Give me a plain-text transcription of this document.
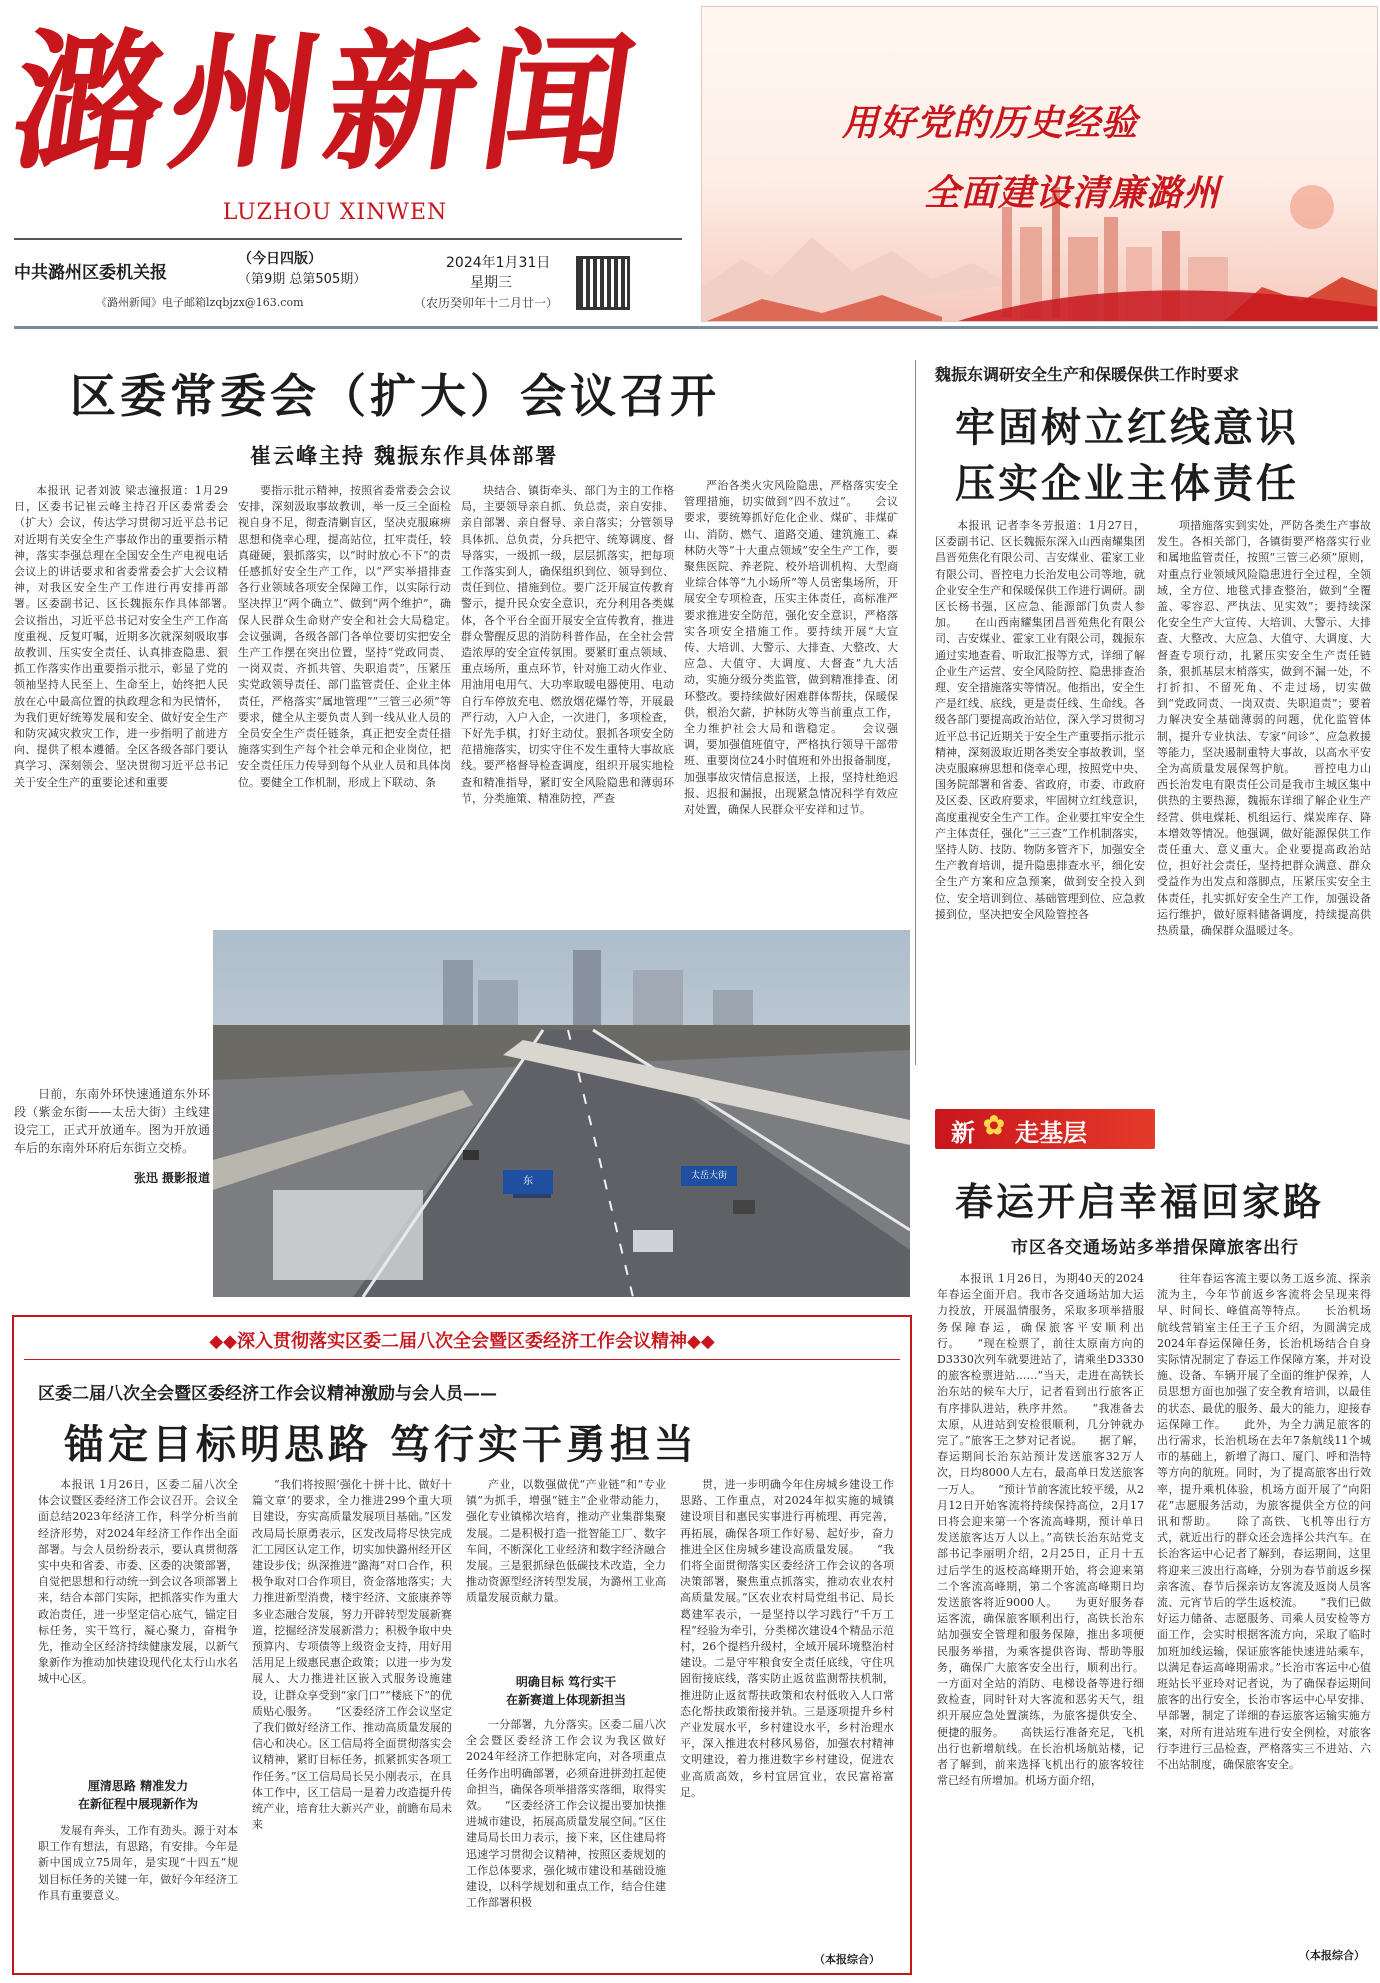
潞州新闻
LUZHOU XINWEN
中共潞州区委机关报
（今日四版）
（第9期 总第505期）
《潞州新闻》电子邮箱lzqbjzx@163.com
2024年1月31日
星期三
（农历癸卯年十二月廿一）
用好党的历史经验
全面建设清廉潞州
区委常委会（扩大）会议召开
崔云峰主持 魏振东作具体部署

本报讯 记者刘波 梁志潼报道：1月29日，区委书记崔云峰主持召开区委常委会（扩大）会议，传达学习贯彻习近平总书记对近期有关安全生产事故作出的重要指示精神，落实李强总理在全国安全生产电视电话会议上的讲话要求和省委常委会扩大会议精神，对我区安全生产工作进行再安排再部署。区委副书记、区长魏振东作具体部署。　　会议指出，习近平总书记对安全生产工作高度重视、反复叮嘱，近期多次就深刻吸取事故教训、压实安全责任、认真排查隐患、狠抓工作落实作出重要指示批示，彰显了党的领袖坚持人民至上、生命至上，始终把人民放在心中最高位置的执政理念和为民情怀，为我们更好统筹发展和安全、做好安全生产和防灾减灾救灾工作，进一步指明了前进方向、提供了根本遵循。全区各级各部门要认真学习、深刻领会、坚决贯彻习近平总书记关于安全生产的重要论述和重要

要指示批示精神，按照省委常委会会议安排，深刻汲取事故教训，举一反三全面检视自身不足，彻查清剿盲区，坚决克服麻痹思想和侥幸心理，提高站位，扛牢责任，较真碰硬，狠抓落实，以“时时放心不下”的责任感抓好安全生产工作，以“严实举措排查各行业领域各项安全保障工作，以实际行动坚决捍卫“两个确立”、做到“两个维护”，确保人民群众生命财产安全和社会大局稳定。　　会议强调，各级各部门各单位要切实把安全生产工作摆在突出位置，坚持“党政同责、一岗双责、齐抓共管、失职追责”，压紧压实党政领导责任、部门监管责任、企业主体责任，严格落实“属地管理”“三管三必须”等要求，健全从主要负责人到一线从业人员的全员安全生产责任链条，真正把安全责任措施落实到生产每个社会单元和企业岗位，把安全责任压力传导到每个从业人员和具体岗位。要健全工作机制，形成上下联动、条

块结合、镇街牵头、部门为主的工作格局，主要领导亲自抓、负总责，亲自安排、亲自部署、亲自督导、亲自落实；分管领导具体抓、总负责，分兵把守、统筹调度、督导落实，一级抓一级，层层抓落实，把每项工作落实到人，确保组织到位、领导到位、责任到位、措施到位。要广泛开展宣传教育警示，提升民众安全意识，充分利用各类媒体，各个平台全面开展安全宣传教育，推进群众警醒反思的消防科普作品，在全社会营造浓厚的安全宣传氛围。要紧盯重点领域、重点场所，重点环节，针对施工动火作业、用油用电用气、大功率取暖电器使用、电动自行车停放充电、燃放烟花爆竹等，开展最严行动，入户入企，一次进门，多项检查，下好先手棋，打好主动仗。狠抓各项安全防范措施落实，切实守住不发生重特大事故底线。要严格督导检查调度，组织开展实地检查和精准指导，紧盯安全风险隐患和薄弱环节，分类施策、精准防控，严查

严治各类火灾风险隐患，严格落实安全管理措施，切实做到“四不放过”。　　会议要求，要统筹抓好危化企业、煤矿、非煤矿山、消防、燃气、道路交通、建筑施工、森林防火等“十大重点领域”安全生产工作，要聚焦医院、养老院、校外培训机构、大型商业综合体等“九小场所”等人员密集场所，开展安全专项检查，压实主体责任，高标准严要求推进安全防范，强化安全意识，严格落实各项安全措施工作。要持续开展“大宣传、大培训、大警示、大排查、大整改、大应急、大值守、大调度、大督查”九大活动，实施分级分类监管，做到精准排查、闭环整改。要持续做好困难群体帮扶，保暖保供，根治欠薪，护林防火等当前重点工作，全力维护社会大局和谐稳定。　　会议强调，要加强值班值守，严格执行领导干部带班、重要岗位24小时值班和外出报备制度，加强事故灾情信息报送，上报，坚持杜绝迟报、迟报和漏报，出现紧急情况科学有效应对处置，确保人民群众平安祥和过节。

魏振东调研安全生产和保暖保供工作时要求
牢固树立红线意识
压实企业主体责任

本报讯 记者李冬芳报道：1月27日，区委副书记、区长魏振东深入山西南耀集团昌晋苑焦化有限公司、吉安煤业、霍家工业有限公司、晋控电力长治发电公司等地，就企业安全生产和保暖保供工作进行调研。副区长杨书强，区应急、能源部门负责人参加。　　在山西南耀集团昌晋苑焦化有限公司、吉安煤业、霍家工业有限公司，魏振东通过实地查看、听取汇报等方式，详细了解企业生产运营、安全风险防控、隐患排查治理、安全措施落实等情况。他指出，安全生产是红线、底线，更是责任线、生命线。各级各部门要提高政治站位，深入学习贯彻习近平总书记近期关于安全生产重要指示批示精神，深刻汲取近期各类安全事故教训，坚决克服麻痹思想和侥幸心理，按照党中央、国务院部署和省委、省政府，市委、市政府及区委、区政府要求，牢固树立红线意识，高度重视安全生产工作。企业要扛牢安全生产主体责任，强化“三三查”工作机制落实，坚持人防、技防、物防多管齐下，加强安全生产教育培训，提升隐患排查水平，细化安全生产方案和应急预案，做到安全投入到位、安全培训到位、基础管理到位、应急救援到位，坚决把安全风险管控各

项措施落实到实处，严防各类生产事故发生。各相关部门，各镇街要严格落实行业和属地监管责任，按照“三管三必须”原则，对重点行业领域风险隐患进行全过程，全领域，全方位、地毯式排查整治，做到“全覆盖、零容忍、严执法、见实效”；要持续深化安全生产大宣传、大培训、大警示、大排查、大整改、大应急、大值守、大调度、大督查专项行动，扎紧压实安全生产责任链条，狠抓基层末梢落实，做到不漏一处，不打折扣、不留死角、不走过场，切实做到“党政同责、一岗双责、失职追责”；要着力解决安全基础薄弱的问题，优化监管体制，提升专业执法、专家“问诊”、应急救援等能力，坚决遏制重特大事故，以高水平安全为高质量发展保驾护航。　　晋控电力山西长治发电有限责任公司是我市主城区集中供热的主要热源，魏振东详细了解企业生产经营、供电煤耗、机组运行、煤炭库存、降本增效等情况。他强调，做好能源保供工作责任重大、意义重大。企业要提高政治站位，担好社会责任，坚持把群众满意、群众受益作为出发点和落脚点，压紧压实安全主体责任，扎实抓好安全生产工作，加强设备运行维护，做好原料储备调度，持续提高供热质量，确保群众温暖过冬。

东	太岳大街
日前，东南外环快速通道东外环段（紫金东街——太岳大街）主线建设完工，正式开放通车。图为开放通车后的东南外环府后东街立交桥。
张迅 摄影报道
新 ✿ 走基层
春运开启幸福回家路
市区各交通场站多举措保障旅客出行

本报讯 1月26日，为期40天的2024年春运全面开启。我市各交通场站加大运力投放，开展温情服务，采取多项举措服务保障春运，确保旅客平安顺利出行。　　“现在检票了，前往太原南方向的D3330次列车就要进站了，请乘坐D3330的旅客检票进站……”当天，走进在高铁长治东站的候车大厅，记者看到出行旅客正有序排队进站，秩序井然。　　“我准备去太原，从进站到安检很顺利，几分钟就办完了。”旅客王之梦对记者说。　　据了解，春运期间长治东站预计发送旅客32万人次，日均8000人左右，最高单日发送旅客一万人。　　“预计节前客流比较平缓，从2月12日开始客流将持续保持高位，2月17日将会迎来第一个客流高峰期，预计单日发送旅客达万人以上。”高铁长治东站党支部书记李丽明介绍，2月25日，正月十五过后学生的返校高峰期开始，将会迎来第二个客流高峰期，第二个客流高峰期日均发送旅客将近9000人。　　为更好服务春运客流，确保旅客顺利出行，高铁长治东站加强安全管理和服务保障，推出多项便民服务举措，为乘客提供咨询、帮助等服务，确保广大旅客安全出行，顺利出行。一方面对全站的消防、电梯设备等进行细致检查，同时针对大客流和恶劣天气，组织开展应急处置演练，为旅客提供安全、便捷的服务。　　高铁运行准备充足，飞机出行也新增航线。在长治机场航站楼，记者了解到，前来选择飞机出行的旅客较往常已经有所增加。机场方面介绍，

往年春运客流主要以务工返乡流、探亲流为主，今年节前返乡客流将会呈现来得早、时间长、峰值高等特点。　　长治机场航线营销室主任王子玉介绍，为圆满完成2024年春运保障任务，长治机场结合自身实际情况制定了春运工作保障方案，并对设施、设备、车辆开展了全面的维护保养，人员思想方面也加强了安全教育培训，以最佳的状态、最优的服务、最大的能力，迎接春运保障工作。　　此外，为全力满足旅客的出行需求，长治机场在去年7条航线11个城市的基础上，新增了海口、厦门、呼和浩特等方向的航班。同时，为了提高旅客出行效率，提升乘机体验，机场方面开展了“向阳花”志愿服务活动，为旅客提供全方位的问讯和帮助。　　除了高铁、飞机等出行方式，就近出行的群众还会选择公共汽车。在长治客运中心记者了解到，春运期间，这里将迎来三波出行高峰，分别为春节前返乡探亲客流、春节后探亲访友客流及返岗人员客流、元宵节后的学生返校流。　　“我们已做好运力储备、志愿服务、司乘人员安检等方面工作，会实时根据客流方向，采取了临时加班加线运输，保证旅客能快速进站乘车，以满足春运高峰期需求。”长治市客运中心值班站长平亚玲对记者说，为了确保春运期间旅客的出行安全，长治市客运中心早安排、早部署，制定了详细的春运旅客运输实施方案，对所有进站班车进行安全例检，对旅客行李进行三品检查，严格落实三不进站、六不出站制度，确保旅客安全。

（本报综合）
◆◆深入贯彻落实区委二届八次全会暨区委经济工作会议精神◆◆
区委二届八次全会暨区委经济工作会议精神激励与会人员——
锚定目标明思路 笃行实干勇担当

本报讯 1月26日，区委二届八次全体会议暨区委经济工作会议召开。会议全面总结2023年经济工作，科学分析当前经济形势，对2024年经济工作作出全面部署。与会人员纷纷表示，要认真贯彻落实中央和省委、市委、区委的决策部署，自觉把思想和行动统一到会议各项部署上来，结合本部门实际，把抓落实作为重大政治责任，进一步坚定信心底气，锚定目标任务，实干笃行，凝心聚力，奋楫争先，推动全区经济持续健康发展，以新气象新作为推动加快建设现代化太行山水名城中心区。

厘清思路 精准发力
在新征程中展现新作为

发展有奔头，工作有劲头。源于对本职工作有想法，有思路，有安排。今年是新中国成立75周年，是实现“十四五”规划目标任务的关键一年，做好今年经济工作具有重要意义。

“我们将按照‘强化十拼十比、做好十篇文章’的要求，全力推进299个重大项目建设，夯实高质量发展项目基础。”区发改局局长原勇表示，区发改局将尽快完成汇工园区认定工作，切实加快潞州经开区建设步伐；纵深推进“潞海”对口合作，积极争取对口合作项目，资金落地落实；大力推进新型消费，楼宇经济、文旅康养等多业态融合发展，努力开辟转型发展新赛道，挖掘经济发展新潜力；积极争取中央预算内、专项债等上级资金支持，用好用活用足上级惠民惠企政策；以进一步为发展人、大力推进社区嵌入式服务设施建设，让群众享受到“家门口”“楼底下”的优质贴心服务。　　“区委经济工作会议坚定了我们做好经济工作、推动高质量发展的信心和决心。区工信局将全面贯彻落实会议精神，紧盯目标任务，抓紧抓实各项工作任务。”区工信局局长吴小刚表示，在具体工作中，区工信局一是着力改造提升传统产业，培育壮大新兴产业，前瞻布局未来

产业，以数强做优“产业链”和“专业镇”为抓手，增强“链主”企业带动能力，强化专业镇梯次培育，推动产业集群集聚发展。二是积极打造一批智能工厂、数字车间，不断深化工业经济和数字经济融合发展。三是狠抓绿色低碳技术改造，全力推动资源型经济转型发展，为潞州工业高质量发展贡献力量。

明确目标 笃行实干
在新赛道上体现新担当

一分部署，九分落实。区委二届八次全会暨区委经济工作会议为我区做好2024年经济工作把脉定向，对各项重点任务作出明确部署，必须奋进拼劲扛起使命担当，确保各项举措落实落细，取得实效。　　“区委经济工作会议提出要加快推进城市建设，拓展高质量发展空间。”区住建局局长田力表示，接下来，区住建局将迅速学习贯彻会议精神，按照区委规划的工作总体要求，强化城市建设和基础设施建设，以科学规划和重点工作，结合住建工作部署积极

贯，进一步明确今年住房城乡建设工作思路、工作重点，对2024年拟实施的城镇建设项目和惠民实事进行再梳理、再完善，再拓展，确保各项工作好易、起好步，奋力推进全区住房城乡建设高质量发展。　　“我们将全面贯彻落实区委经济工作会议的各项决策部署，聚焦重点抓落实，推动农业农村高质量发展。”区农业农村局党组书记、局长葛建军表示，一是坚持以学习践行“千万工程”经验为牵引，分类梯次建设4个精品示范村，26个提档升级村，全域开展环境整治村建设。二是守牢粮食安全责任底线，守住巩固衔接底线，落实防止返贫监测帮扶机制，推进防止返贫帮扶政策和农村低收入人口常态化帮扶政策衔接并轨。三是逐项提升乡村产业发展水平，乡村建设水平，乡村治理水平，深入推进农村移风易俗，加强农村精神文明建设，着力推进数字乡村建设，促进农业高质高效，乡村宜居宜业，农民富裕富足。

（本报综合）
